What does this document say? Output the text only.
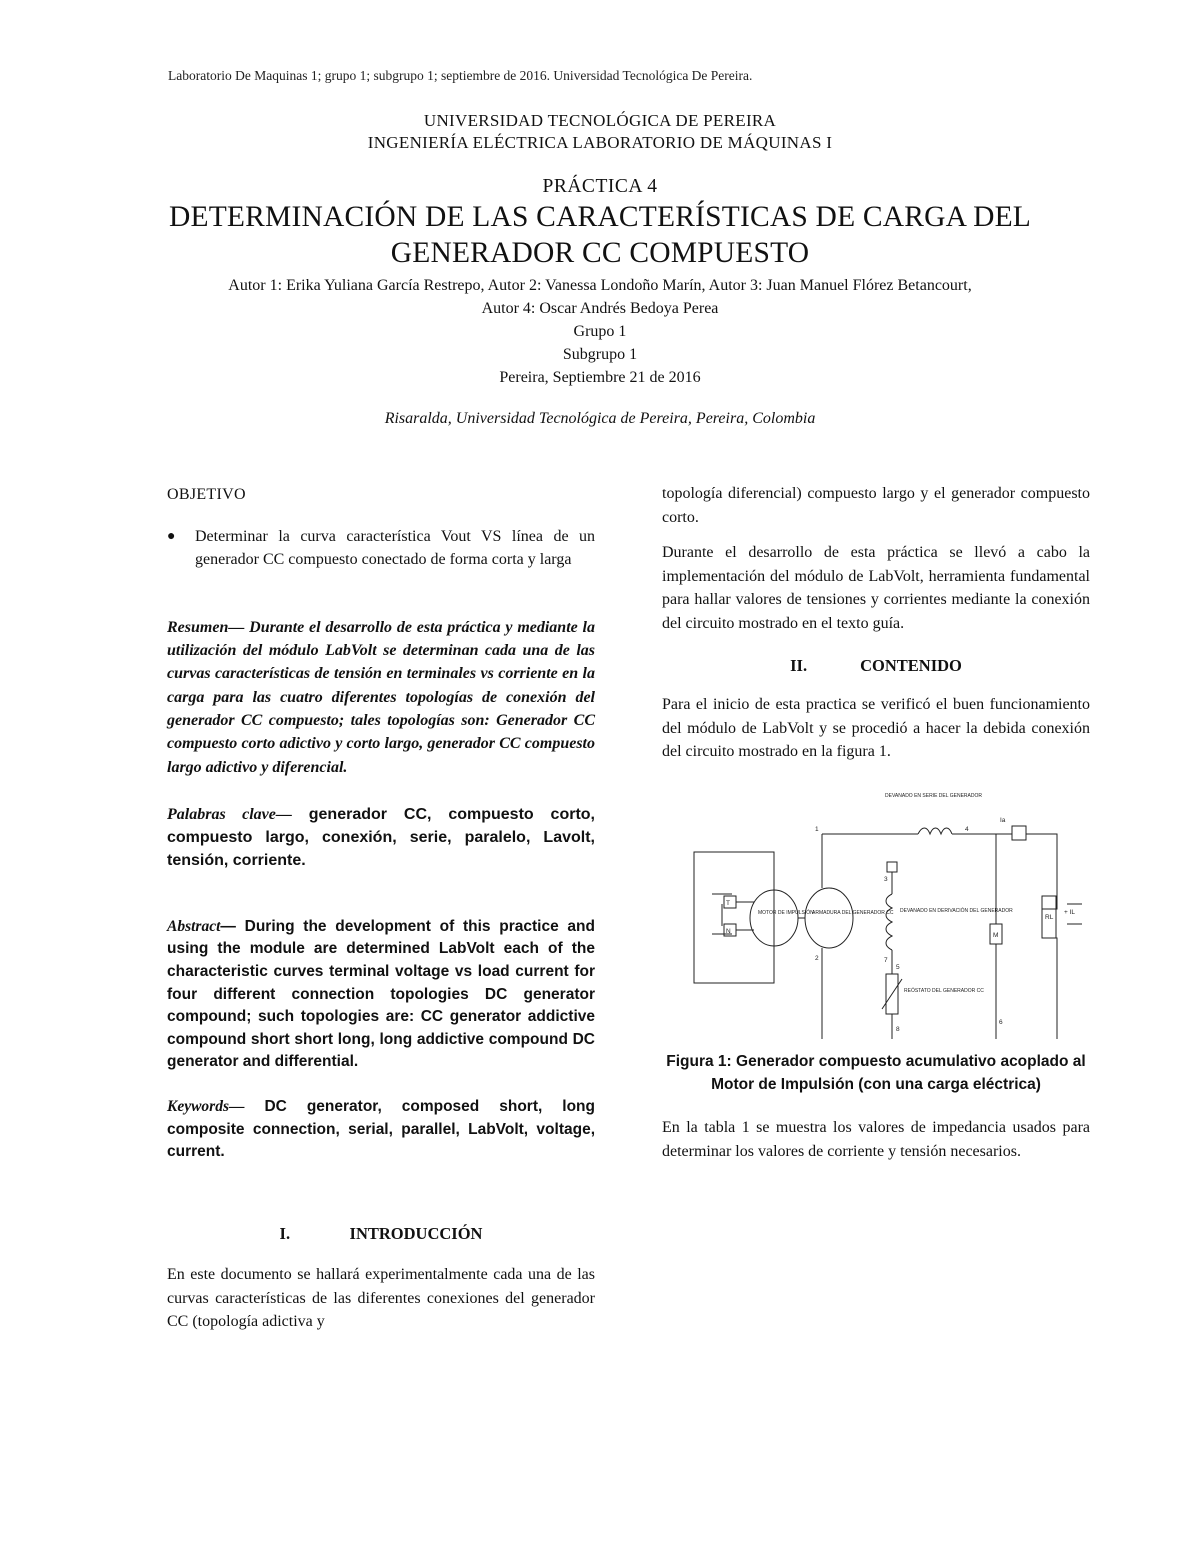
Laboratorio De Maquinas 1; grupo 1; subgrupo 1; septiembre de 2016. Universidad Tecnológica De Pereira.
UNIVERSIDAD TECNOLÓGICA DE PEREIRA
INGENIERÍA ELÉCTRICA LABORATORIO DE MÁQUINAS I
PRÁCTICA 4
DETERMINACIÓN DE LAS CARACTERÍSTICAS DE CARGA DEL
GENERADOR CC COMPUESTO
Autor 1: Erika Yuliana García Restrepo, Autor 2: Vanessa Londoño Marín, Autor 3: Juan Manuel Flórez Betancourt,
Autor 4: Oscar Andrés Bedoya Perea
Grupo 1
Subgrupo 1
Pereira, Septiembre 21 de 2016
Risaralda, Universidad Tecnológica de Pereira, Pereira, Colombia
OBJETIVO
●	Determinar la curva característica Vout VS línea de un generador CC compuesto conectado de forma corta y larga

Resumen— Durante el desarrollo de esta práctica y mediante la utilización del módulo LabVolt se determinan cada una de las curvas características de tensión en terminales vs corriente en la carga para las cuatro diferentes topologías de conexión del generador CC compuesto; tales topologías son: Generador CC compuesto corto adictivo y corto largo, generador CC compuesto largo adictivo y diferencial.

Palabras clave— generador CC, compuesto corto, compuesto largo, conexión, serie, paralelo, Lavolt, tensión, corriente.

Abstract— During the development of this practice and using the module are determined LabVolt each of the characteristic curves terminal voltage vs load current for four different connection topologies DC generator compound; such topologies are: CC generator addictive compound short short long, long addictive compound DC generator and differential.

Keywords— DC generator, composed short, long composite connection, serial, parallel, LabVolt, voltage, current.

I.	INTRODUCCIÓN

En este documento se hallará experimentalmente cada una de las curvas características de las diferentes conexiones del generador CC (topología adictiva y

topología diferencial) compuesto largo y el generador compuesto corto.

Durante el desarrollo de esta práctica se llevó a cabo la implementación del módulo de LabVolt, herramienta fundamental para hallar valores de tensiones y corrientes mediante la conexión del circuito mostrado en el texto guía.

II.	CONTENIDO

Para el inicio de esta practica se verificó el buen funcionamiento del módulo de LabVolt y se procedió a hacer la debida conexión del circuito mostrado en la figura 1.

DEVANADO EN SERIE DEL GENERADOR
MOTOR DE IMPULSIÓN
ARMADURA DEL GENERADOR CC DEVANADO EN DERIVACIÓN DEL GENERADOR
REÓSTATO DEL GENERADOR CC
T
N
Ia
+ IL
RL
M
1
2
3
4
5
6
7
8
Figura 1: Generador compuesto acumulativo acoplado al Motor de Impulsión (con una carga eléctrica)

En la tabla 1 se muestra los valores de impedancia usados para determinar los valores de corriente y tensión necesarios.
